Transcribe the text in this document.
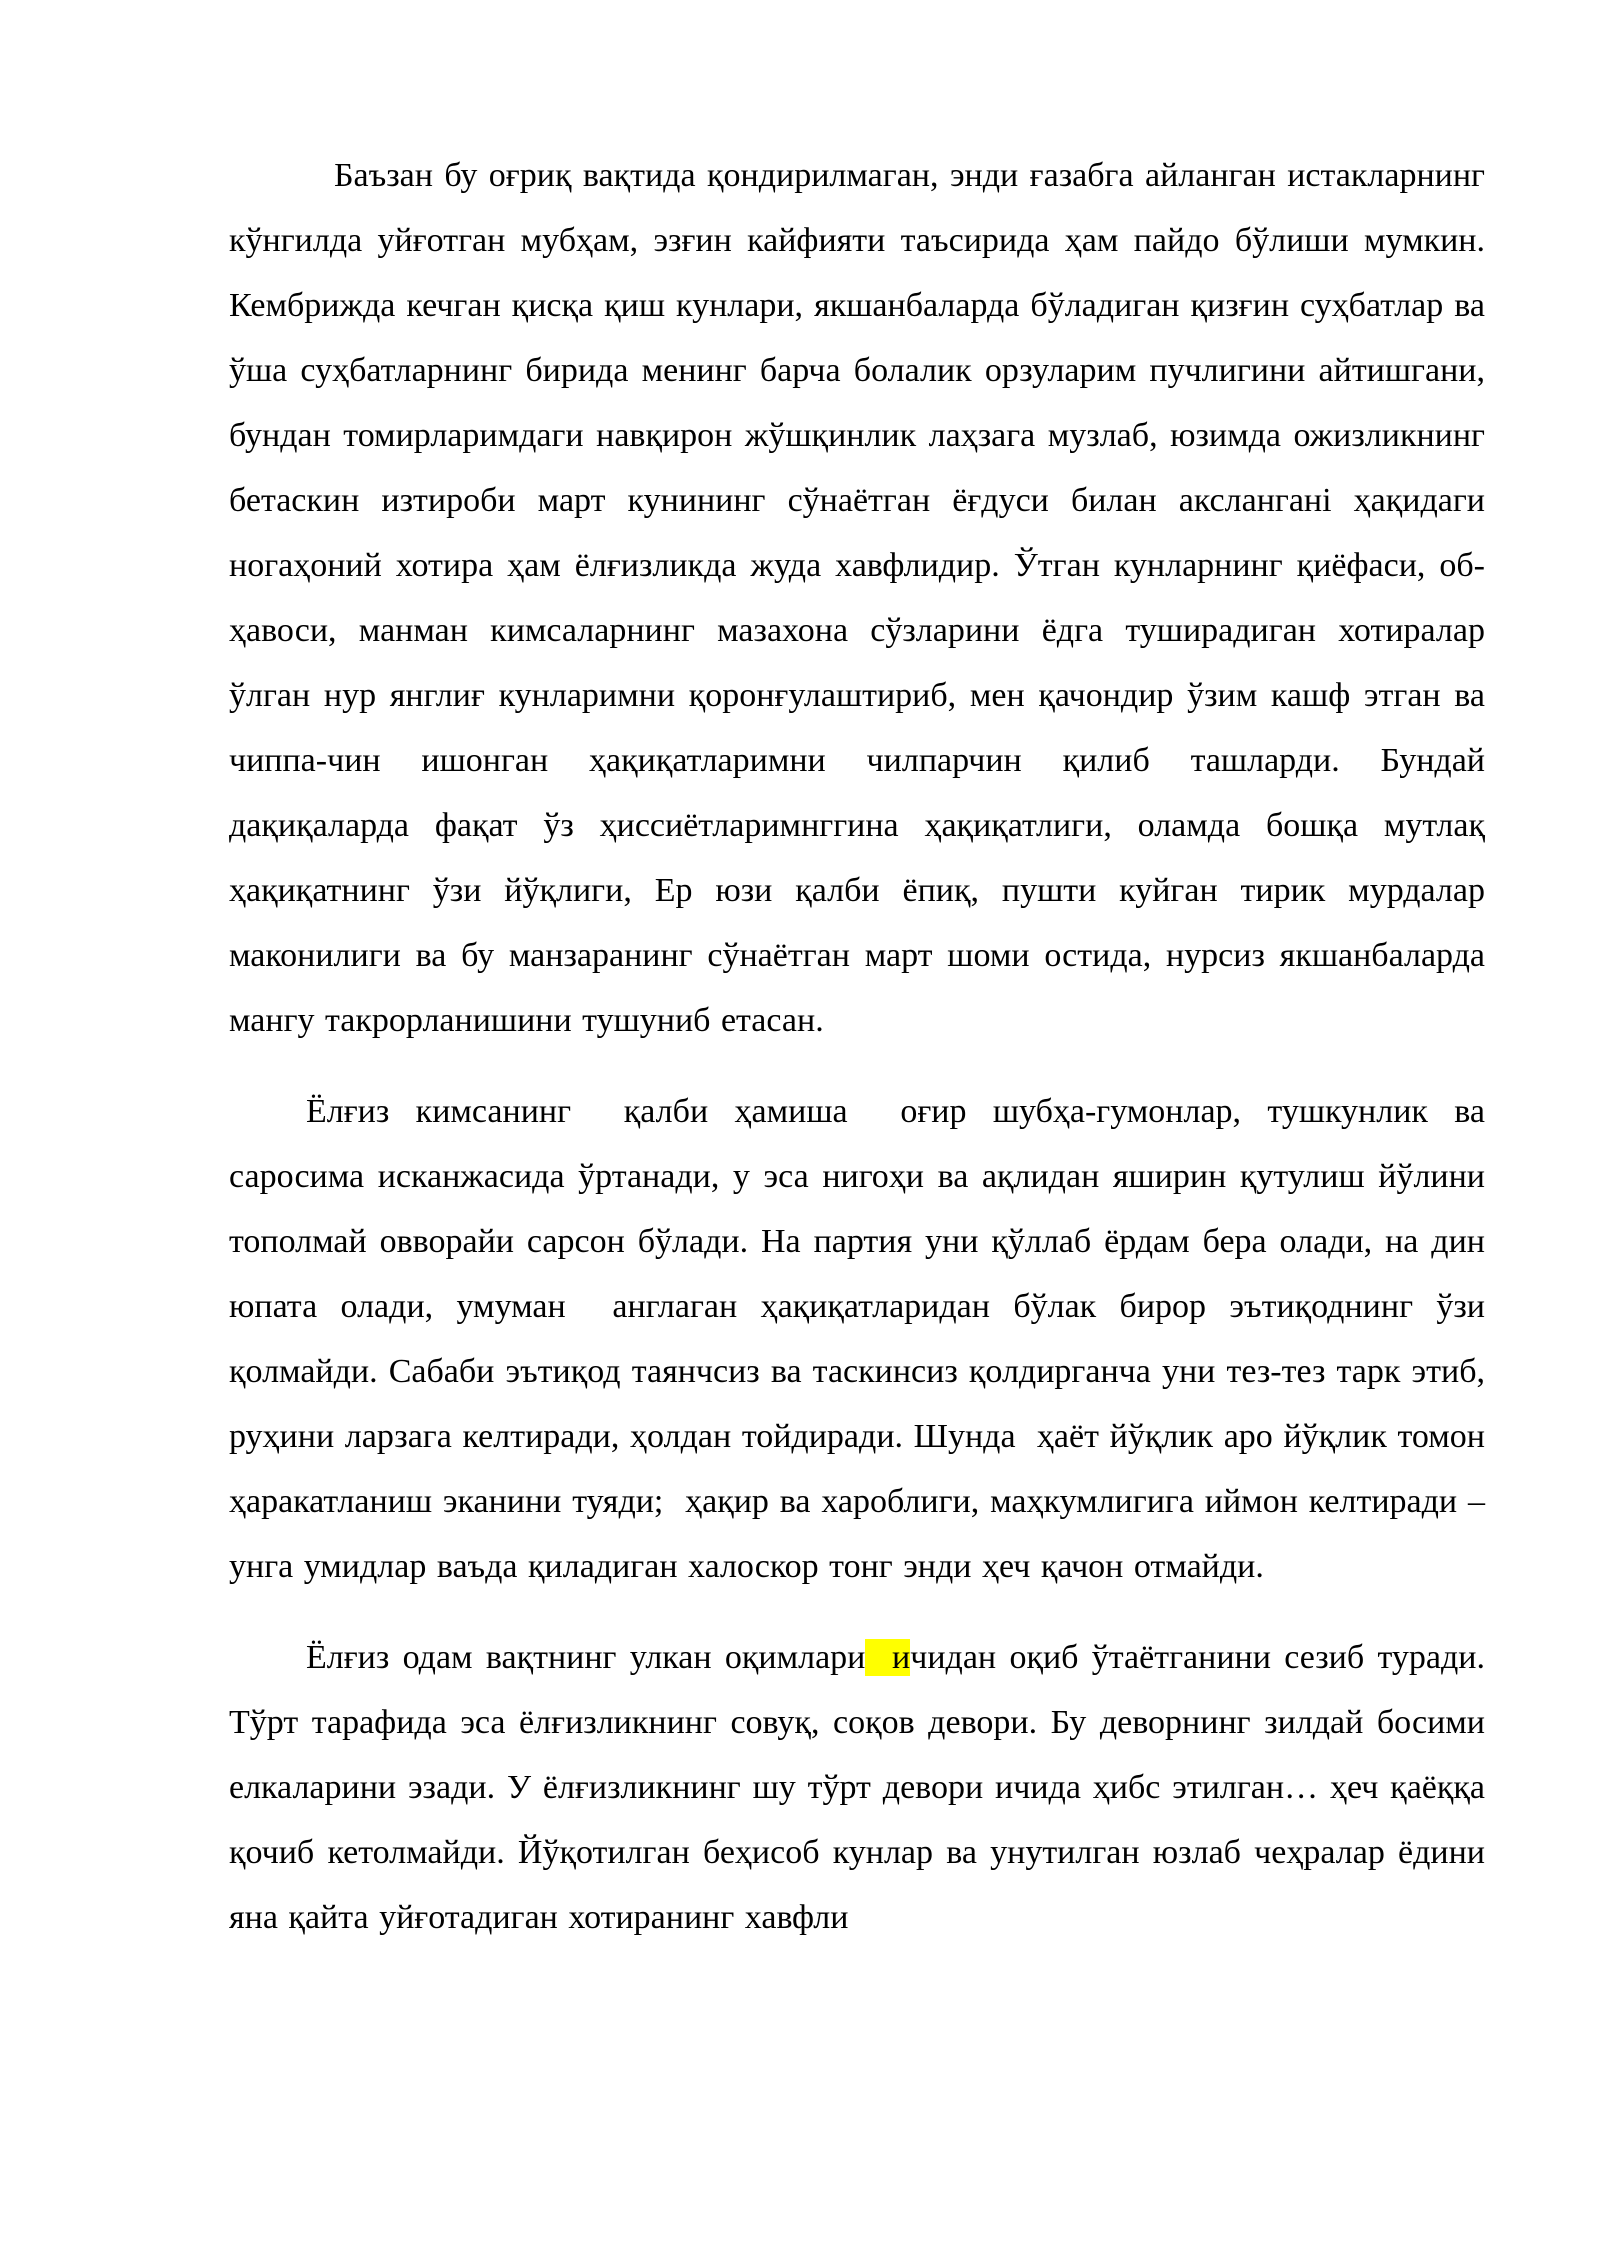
Баъзан бу оғриқ вақтида қондирилмаган, энди ғазабга айланган истакларнинг кўнгилда уйғотган мубҳам, эзғин кайфияти таъсирида ҳам пайдо бўлиши мумкин. Кембрижда кечган қисқа қиш кунлари, якшанбаларда бўладиган қизғин суҳбатлар ва ўша суҳбатларнинг бирида менинг барча болалик орзуларим пучлигини айтишгани, бундан томирларимдаги навқирон жўшқинлик лаҳзага музлаб, юзимда ожизликнинг бетаскин изтироби март кунининг сўнаётган ёғдуси билан аксланганi ҳақидаги ногаҳоний хотира ҳам ёлғизликда жуда хавфлидир. Ўтган кунларнинг қиёфаси, об-ҳавоси, манман кимсаларнинг мазахона сўзларини ёдга туширадиган хотиралар ўлган нур янглиғ кунларимни қоронғулаштириб, мен қачондир ўзим кашф этган ва чиппа-чин ишонган ҳақиқатларимни чилпарчин қилиб ташларди. Бундай дақиқаларда фақат ўз ҳиссиётларимнггина ҳақиқатлиги, оламда бошқа мутлақ ҳақиқатнинг ўзи йўқлиги, Ер юзи қалби ёпиқ, пушти куйган тирик мурдалар маконилиги ва бу манзаранинг сўнаётган март шоми остида, нурсиз якшанбаларда мангу такрорланишини тушуниб етасан.

Ёлғиз кимсанинг  қалби ҳамиша  оғир шубҳа-гумонлар, тушкунлик ва саросима исканжасида ўртанади, у эса нигоҳи ва ақлидан яширин қутулиш йўлини тополмай овворайи сарсон бўлади. На партия уни қўллаб ёрдам бера олади, на дин юпата олади, умуман  англаган ҳақиқатларидан бўлак бирор эътиқоднинг ўзи қолмайди. Сабаби эътиқод таянчсиз ва таскинсиз қолдирганча уни тез-тез тарк этиб, руҳини ларзага келтиради, ҳолдан тойдиради. Шунда  ҳаёт йўқлик аро йўқлик томон ҳаракатланиш эканини туяди;  ҳақир ва хароблиги, маҳкумлигига иймон келтиради – унга умидлар ваъда қиладиган халоскор тонг энди ҳеч қачон отмайди.

Ёлғиз одам вақтнинг улкан оқимлари  ичидан оқиб ўтаётганини сезиб туради. Тўрт тарафида эса ёлғизликнинг совуқ, соқов девори. Бу деворнинг зилдай босими  елкаларини эзади. У ёлғизликнинг шу тўрт девори ичида ҳибс этилган… ҳеч қаёққа қочиб кетолмайди. Йўқотилган беҳисоб кунлар ва унутилган юзлаб чеҳралар ёдини яна қайта уйғотадиган хотиранинг хавфли
